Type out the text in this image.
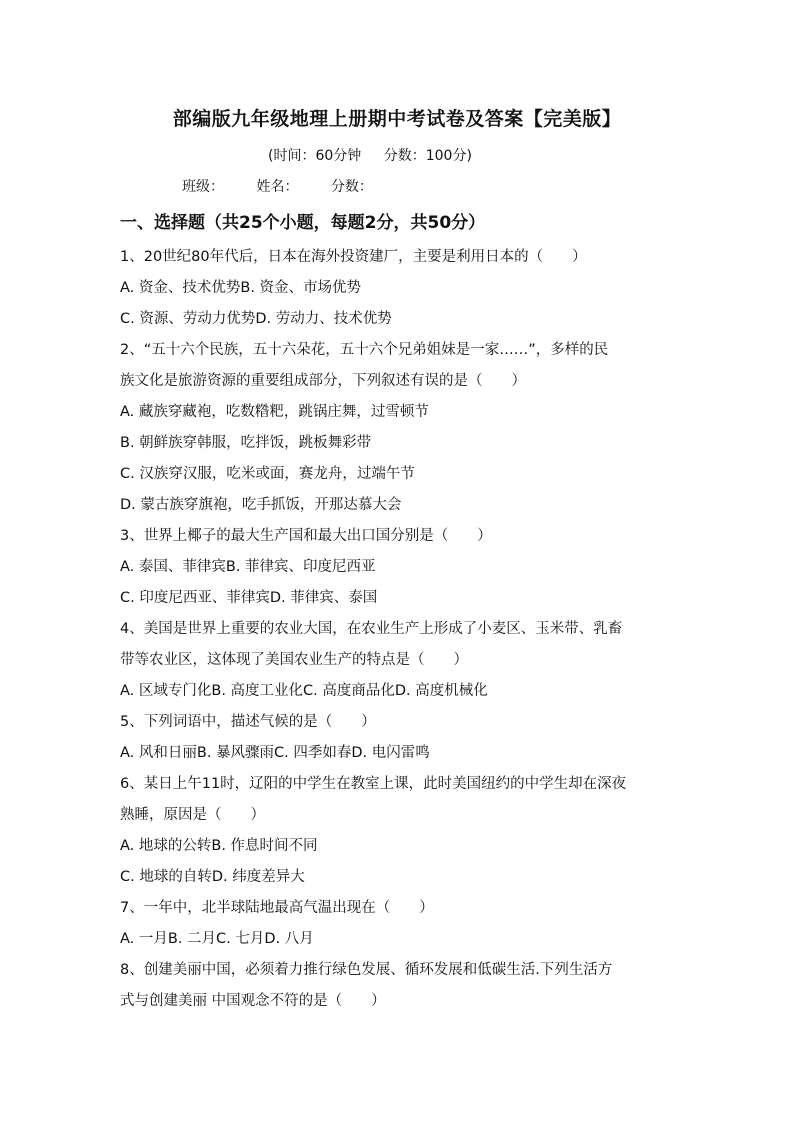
部编版九年级地理上册期中考试卷及答案【完美版】
(时间：60分钟 分数：100分)
班级： 姓名： 分数：
一、选择题（共25个小题，每题2分，共50分）
1、20世纪80年代后，日本在海外投资建厂，主要是利用日本的（　　）
A. 资金、技术优势B. 资金、市场优势
C. 资源、劳动力优势D. 劳动力、技术优势
2、“五十六个民族，五十六朵花，五十六个兄弟姐妹是一家……”，多样的民
族文化是旅游资源的重要组成部分，下列叙述有误的是（　　）
A. 藏族穿藏袍，吃数糌粑，跳锅庄舞，过雪顿节
B. 朝鲜族穿韩服，吃拌饭，跳板舞彩带
C. 汉族穿汉服，吃米或面，赛龙舟，过端午节
D. 蒙古族穿旗袍，吃手抓饭，开那达慕大会
3、世界上椰子的最大生产国和最大出口国分别是（　　）
A. 泰国、菲律宾B. 菲律宾、印度尼西亚
C. 印度尼西亚、菲律宾D. 菲律宾、泰国
4、美国是世界上重要的农业大国，在农业生产上形成了小麦区、玉米带、乳畜
带等农业区，这体现了美国农业生产的特点是（　　）
A. 区域专门化B. 高度工业化C. 高度商品化D. 高度机械化
5、下列词语中，描述气候的是（　　）
A. 风和日丽B. 暴风骤雨C. 四季如春D. 电闪雷鸣
6、某日上午11时，辽阳的中学生在教室上课，此时美国纽约的中学生却在深夜
熟睡，原因是（　　）
A. 地球的公转B. 作息时间不同
C. 地球的自转D. 纬度差异大
7、一年中，北半球陆地最高气温出现在（　　）
A. 一月B. 二月C. 七月D. 八月
8、创建美丽中国，必须着力推行绿色发展、循环发展和低碳生活.下列生活方
式与创建美丽 中国观念不符的是（　　）
